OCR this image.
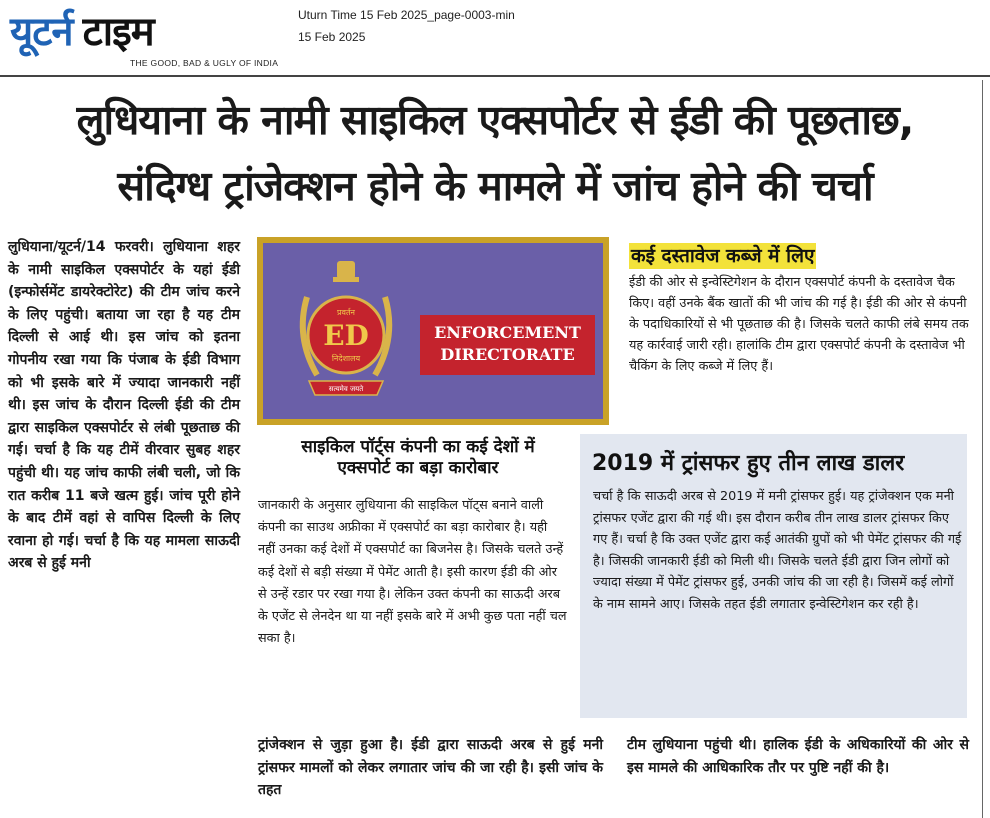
यूटर्न टाइम
THE GOOD, BAD & UGLY OF INDIA
Uturn Time 15 Feb 2025_page-0003-min
15 Feb 2025
लुधियाना के नामी साइकिल एक्सपोर्टर से ईडी की पूछताछ,
संदिग्ध ट्रांजेक्शन होने के मामले में जांच होने की चर्चा

लुधियाना/यूटर्न/14 फरवरी। लुधियाना शहर के नामी साइकिल एक्सपोर्टर के यहां ईडी (इन्फोर्समेंट डायरेक्टोरेट) की टीम जांच करने के लिए पहुंची। बताया जा रहा है यह टीम दिल्ली से आई थी। इस जांच को इतना गोपनीय रखा गया कि पंजाब के ईडी विभाग को भी इसके बारे में ज्यादा जानकारी नहीं थी। इस जांच के दौरान दिल्ली ईडी की टीम द्वारा साइकिल एक्सपोर्टर से लंबी पूछताछ की गई। चर्चा है कि यह टीमें वीरवार सुबह शहर पहुंची थी। यह जांच काफी लंबी चली, जो कि रात करीब 11 बजे खत्म हुई। जांच पूरी होने के बाद टीमें वहां से वापिस दिल्ली के लिए रवाना हो गई। चर्चा है कि यह मामला साऊदी अरब से हुई मनी

ED
प्रवर्तन
निदेशालय
सत्यमेव जयते
ENFORCEMENT
DIRECTORATE
कई दस्तावेज कब्जे में लिए
ईडी की ओर से इन्वेस्टिगेशन के दौरान एक्सपोर्ट कंपनी के दस्तावेज चैक किए। वहीं उनके बैंक खातों की भी जांच की गई है। ईडी की ओर से कंपनी के पदाधिकारियों से भी पूछताछ की है। जिसके चलते काफी लंबे समय तक यह कार्रवाई जारी रही। हालांकि टीम द्वारा एक्सपोर्ट कंपनी के दस्तावेज भी चैकिंग के लिए कब्जे में लिए हैं।
साइकिल पॉर्ट्स कंपनी का कई देशों में
एक्सपोर्ट का बड़ा कारोबार
जानकारी के अनुसार लुधियाना की साइकिल पॉट्स बनाने वाली कंपनी का साउथ अफ्रीका में एक्सपोर्ट का बड़ा कारोबार है। यही नहीं उनका कई देशों में एक्सपोर्ट का बिजनेस है। जिसके चलते उन्हें कई देशों से बड़ी संख्या में पेमेंट आती है। इसी कारण ईडी की ओर से उन्हें रडार पर रखा गया है। लेकिन उक्त कंपनी का साऊदी अरब के एजेंट से लेनदेन था या नहीं इसके बारे में अभी कुछ पता नहीं चल सका है।
2019 में ट्रांसफर हुए तीन लाख डालर
चर्चा है कि साऊदी अरब से 2019 में मनी ट्रांसफर हुई। यह ट्रांजेक्शन एक मनी ट्रांसफर एजेंट द्वारा की गई थी। इस दौरान करीब तीन लाख डालर ट्रांसफर किए गए हैं। चर्चा है कि उक्त एजेंट द्वारा कई आतंकी ग्रुपों को भी पेमेंट ट्रांसफर की गई है। जिसकी जानकारी ईडी को मिली थी। जिसके चलते ईडी द्वारा जिन लोगों को ज्यादा संख्या में पेमेंट ट्रांसफर हुई, उनकी जांच की जा रही है। जिसमें कई लोगों के नाम सामने आए। जिसके तहत ईडी लगातार इन्वेस्टिगेशन कर रही है।
ट्रांजेक्शन से जुड़ा हुआ है। ईडी द्वारा साऊदी अरब से हुई मनी ट्रांसफर मामलों को लेकर लगातार जांच की जा रही है। इसी जांच के तहत
टीम लुधियाना पहुंची थी। हालिक ईडी के अधिकारियों की ओर से इस मामले की आधिकारिक तौर पर पुष्टि नहीं की है।
